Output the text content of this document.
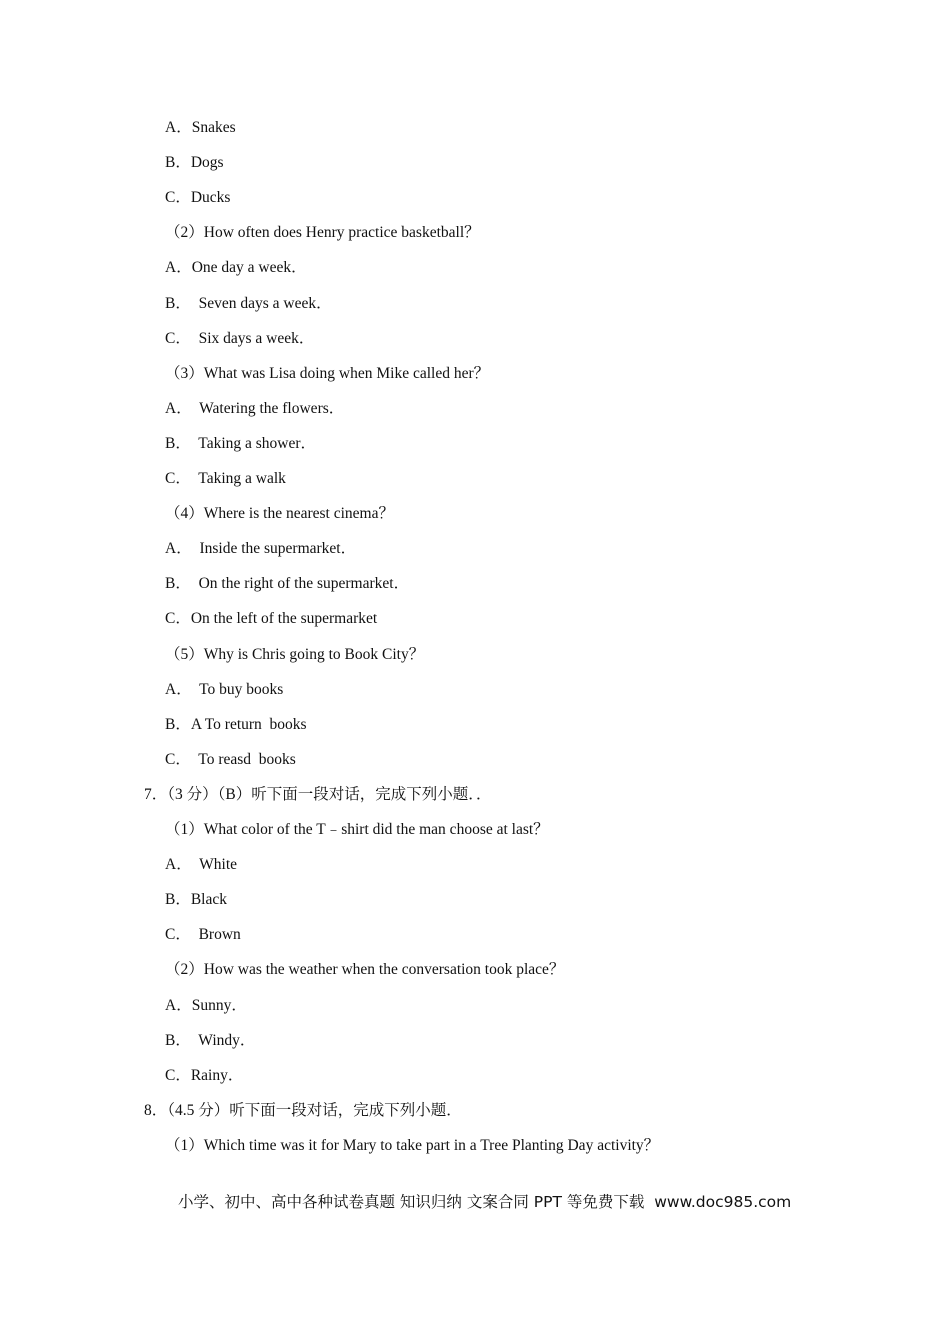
A．Snakes
B．Dogs
C．Ducks
（2）How often does Henry practice basketball？
A．One day a week．
B．  Seven days a week．
C．  Six days a week．
（3）What was Lisa doing when Mike called her？
A．  Watering the flowers．
B．  Taking a shower．
C．  Taking a walk
（4）Where is the nearest cinema？
A．  Inside the supermarket．
B．  On the right of the supermarket．
C．On the left of the supermarket
（5）Why is Chris going to Book City？
A．  To buy books
B．A To return  books
C．  To reasd  books
7．（3 分）（B）听下面一段对话，完成下列小题．．
（1）What color of the T﹣shirt did the man choose at last？
A．  White
B．Black
C．  Brown
（2）How was the weather when the conversation took place？
A．Sunny．
B．  Windy．
C．Rainy．
8．（4.5 分）听下面一段对话，完成下列小题．
（1）Which time was it for Mary to take part in a Tree Planting Day activity？
小学、初中、高中各种试卷真题 知识归纳 文案合同 PPT 等免费下载  www.doc985.com
